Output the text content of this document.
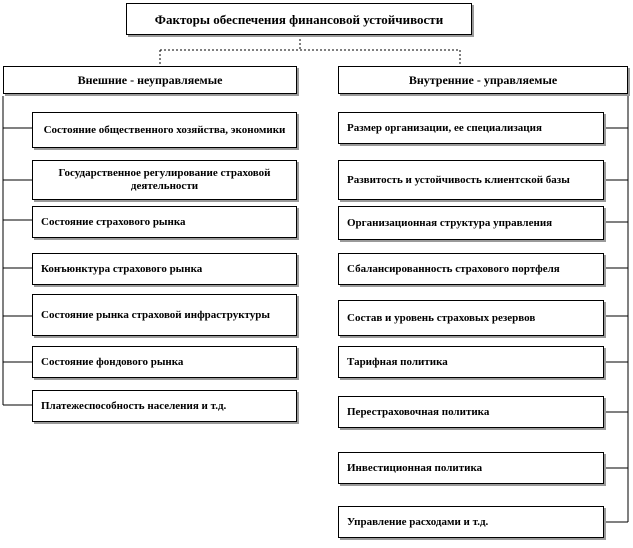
Факторы обеспечения финансовой устойчивости
Внешние - неуправляемые	Внутренние - управляемые
Состояние общественного хозяйства, экономики
Государственное регулирование страховой деятельности
Состояние страхового рынка
Конъюнктура страхового рынка
Состояние рынка страховой инфраструктуры
Состояние фондового рынка
Платежеспособность населения и т.д.
Размер организации, ее специализация
Развитость и устойчивость клиентской базы
Организационная структура управления
Сбалансированность страхового портфеля
Состав и уровень страховых резервов
Тарифная политика
Перестраховочная политика
Инвестиционная политика
Управление расходами и т.д.
